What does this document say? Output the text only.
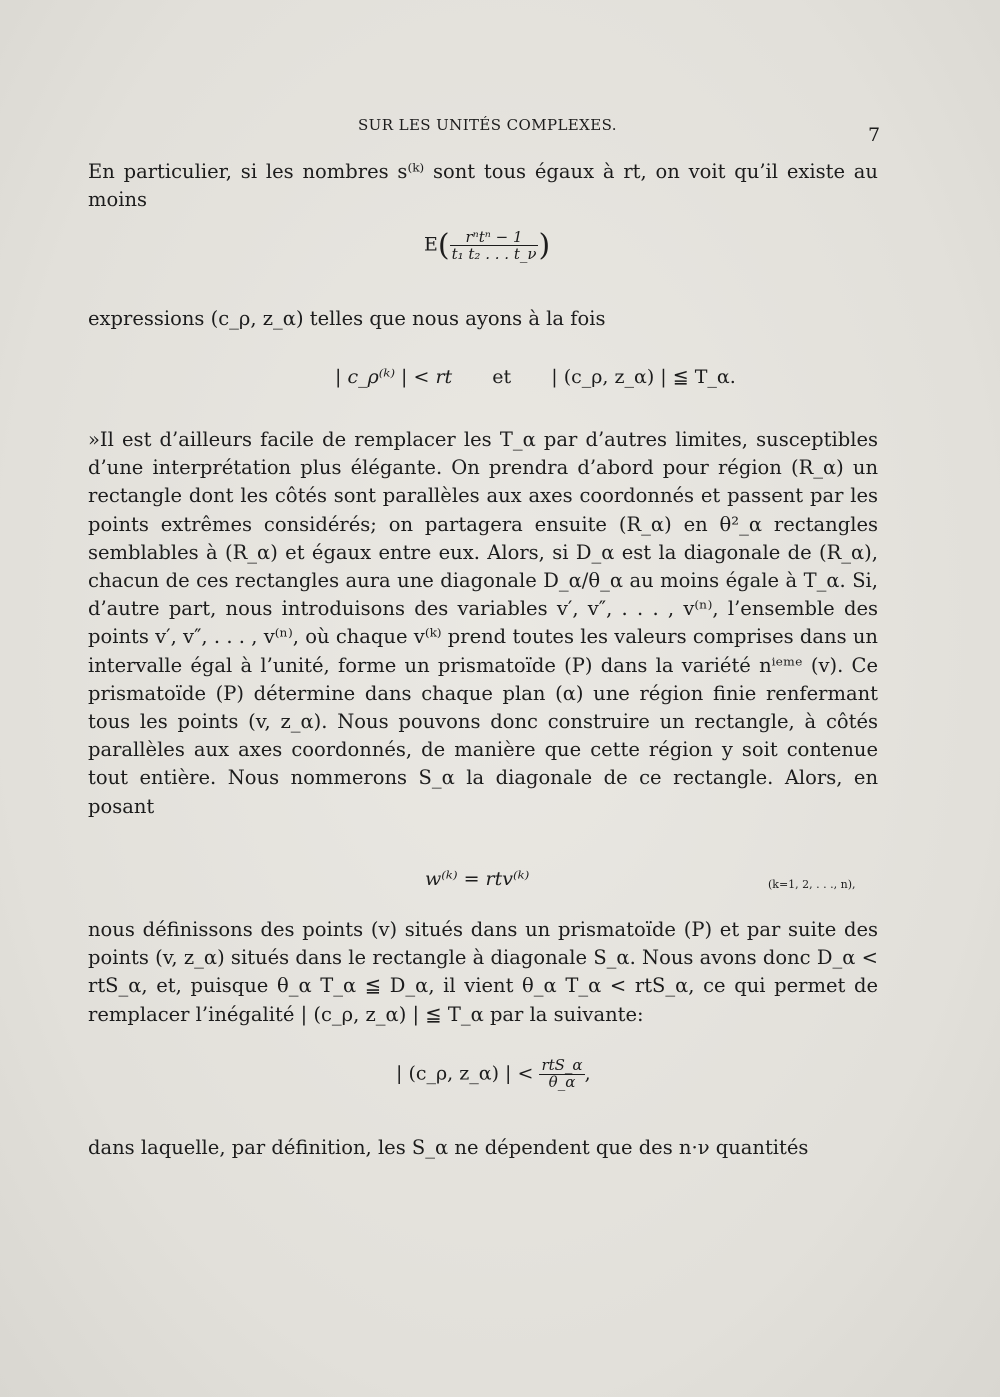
SUR LES UNITÉS COMPLEXES.	7

En particulier, si les nombres s⁽ᵏ⁾ sont tous égaux à rt, on voit qu’il existe au moins

$E( \frac{\text{rⁿtⁿ − 1}}{\text{t₁ t₂ . . . t\_ν}}$ )

expressions (c_ρ, z_α) telles que nous ayons à la fois

| c_ρ⁽ᵏ⁾ | < rt et | (c_ρ, z_α) | ≦ T_α.

»Il est d’ailleurs facile de remplacer les T_α par d’autres limites, susceptibles d’une interprétation plus élégante. On prendra d’abord pour région (R_α) un rectangle dont les côtés sont parallèles aux axes coordonnés et passent par les points extrêmes considérés; on partagera ensuite (R_α) en θ²_α rectangles semblables à (R_α) et égaux entre eux. Alors, si D_α est la diagonale de (R_α), chacun de ces rectangles aura une diagonale D_α/θ_α au moins égale à T_α. Si, d’autre part, nous introduisons des variables v′, v″, . . . , v⁽ⁿ⁾, l’ensemble des points v′, v″, . . . , v⁽ⁿ⁾, où chaque v⁽ᵏ⁾ prend toutes les valeurs comprises dans un intervalle égal à l’unité, forme un prismatoïde (P) dans la variété nⁱᵉᵐᵉ (v). Ce prismatoïde (P) détermine dans chaque plan (α) une région finie renfermant tous les points (v, z_α). Nous pouvons donc construire un rectangle, à côtés parallèles aux axes coordonnés, de manière que cette région y soit contenue tout entière. Nous nommerons S_α la diagonale de ce rectangle. Alors, en posant

w⁽ᵏ⁾ = rtv⁽ᵏ⁾	(k=1, 2, . . ., n),

nous définissons des points (v) situés dans un prismatoïde (P) et par suite des points (v, z_α) situés dans le rectangle à diagonale S_α. Nous avons donc D_α < rtS_α, et, puisque θ_α T_α ≦ D_α, il vient θ_α T_α < rtS_α, ce qui permet de remplacer l’inégalité | (c_ρ, z_α) | ≦ T_α par la suivante:

| (c_ρ, z_α) | < $\frac{\text{rtS\_α}}{\theta\_\alpha}$ ,

dans laquelle, par définition, les S_α ne dépendent que des n·ν quantités
